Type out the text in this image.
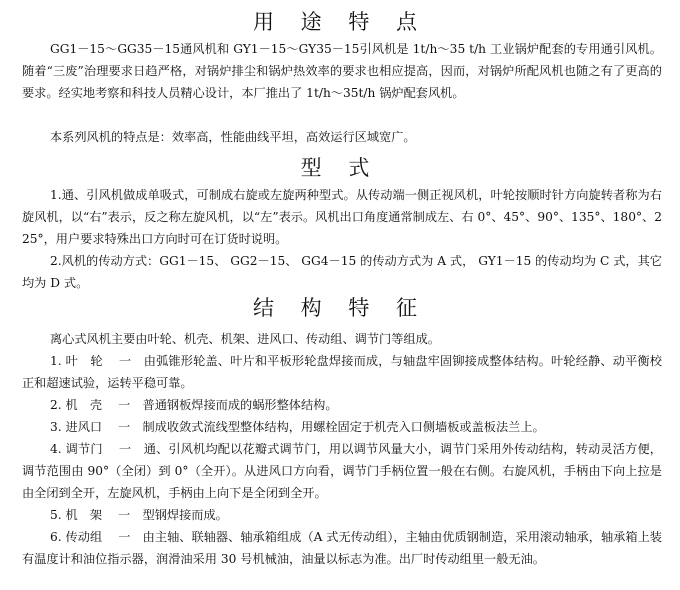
用 途 特 点

GG1－15～GG35－15通风机和 GY1－15～GY35－15引风机是 1t/h～35 t/h 工业锅炉配套的专用通引风机。随着“三废”治理要求日趋严格，对锅炉排尘和锅炉热效率的要求也相应提高，因而，对锅炉所配风机也随之有了更高的要求。经实地考察和科技人员精心设计，本厂推出了 1t/h～35t/h 锅炉配套风机。

本系列风机的特点是：效率高，性能曲线平坦，高效运行区域宽广。

型 式

1.通、引风机做成单吸式，可制成右旋或左旋两种型式。从传动端一侧正视风机，叶轮按顺时针方向旋转者称为右旋风机，以“右”表示，反之称左旋风机，以“左”表示。风机出口角度通常制成左、右 0°、45°、90°、135°、180°、225°，用户要求特殊出口方向时可在订货时说明。

2.风机的传动方式：GG1－15、 GG2－15、 GG4－15 的传动方式为 A 式， GY1－15 的传动均为 C 式，其它均为 D 式。

结 构 特 征

离心式风机主要由叶轮、机壳、机架、进风口、传动组、调节门等组成。

1. 叶　轮　 一　由弧锥形轮盖、叶片和平板形轮盘焊接而成，与轴盘牢固铆接成整体结构。叶轮经静、动平衡校正和超速试验，运转平稳可靠。

2. 机　壳　 一　普通钢板焊接而成的蜗形整体结构。

3. 进风口　 一　制成收敛式流线型整体结构，用螺栓固定于机壳入口侧墙板或盖板法兰上。

4. 调节门　 一　通、引风机均配以花瓣式调节门，用以调节风量大小，调节门采用外传动结构，转动灵活方便，调节范围由 90°（全闭）到 0°（全开）。从进风口方向看，调节门手柄位置一般在右侧。右旋风机，手柄由下向上拉是由全闭到全开，左旋风机，手柄由上向下是全闭到全开。

5. 机　架　 一　型钢焊接而成。

6. 传动组　 一　由主轴、联轴器、轴承箱组成（A 式无传动组），主轴由优质钢制造，采用滚动轴承，轴承箱上装有温度计和油位指示器，润滑油采用 30 号机械油，油量以标志为准。出厂时传动组里一般无油。
